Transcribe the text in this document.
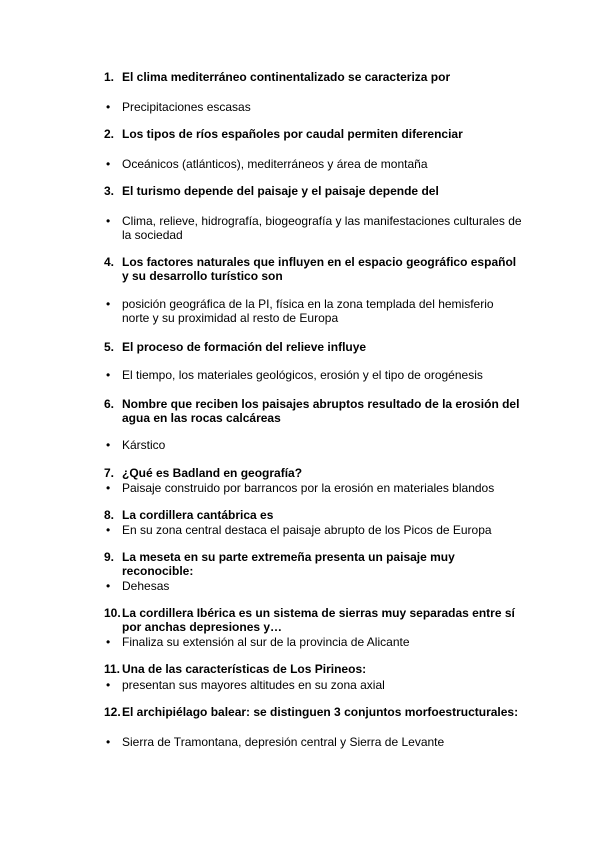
1. El clima mediterráneo continentalizado se caracteriza por
• Precipitaciones escasas
2. Los tipos de ríos españoles por caudal permiten diferenciar
• Oceánicos (atlánticos), mediterráneos y área de montaña
3. El turismo depende del paisaje y el paisaje depende del
• Clima, relieve, hidrografía, biogeografía y las manifestaciones culturales de la sociedad
4. Los factores naturales que influyen en el espacio geográfico español y su desarrollo turístico son
• posición geográfica de la PI, física en la zona templada del hemisferio norte y su proximidad al resto de Europa
5. El proceso de formación del relieve influye
• El tiempo, los materiales geológicos, erosión y el tipo de orogénesis
6. Nombre que reciben los paisajes abruptos resultado de la erosión del agua en las rocas calcáreas
• Kárstico
7. ¿Qué es Badland en geografía?
• Paisaje construido por barrancos por la erosión en materiales blandos
8. La cordillera cantábrica es
• En su zona central destaca el paisaje abrupto de los Picos de Europa
9. La meseta en su parte extremeña presenta un paisaje muy reconocible:
• Dehesas
10. La cordillera Ibérica es un sistema de sierras muy separadas entre sí por anchas depresiones y…
• Finaliza su extensión al sur de la provincia de Alicante
11. Una de las características de Los Pirineos:
• presentan sus mayores altitudes en su zona axial
12. El archipiélago balear: se distinguen 3 conjuntos morfoestructurales:
• Sierra de Tramontana, depresión central y Sierra de Levante
